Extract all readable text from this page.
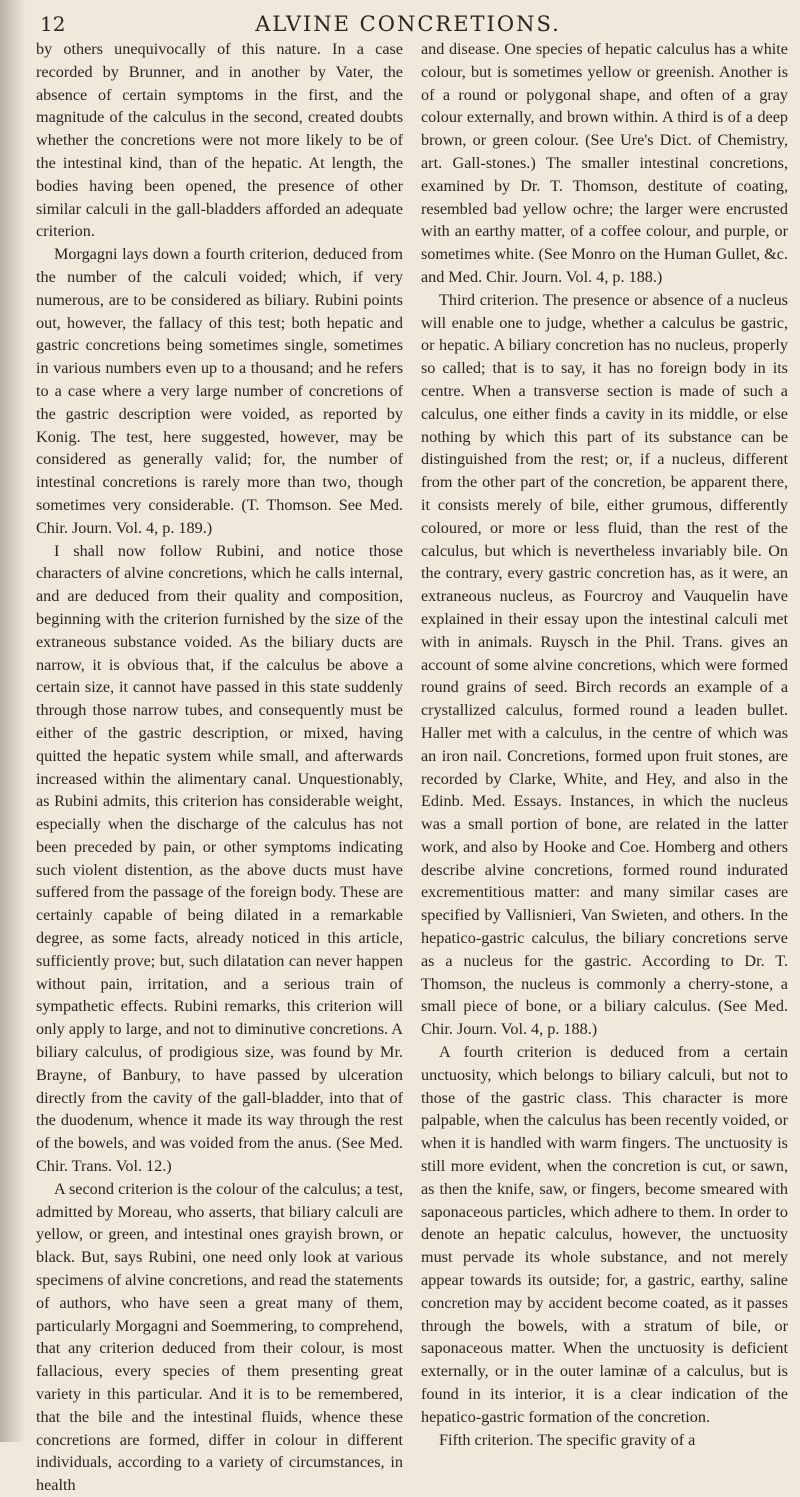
12	ALVINE CONCRETIONS.

by others unequivocally of this nature. In a case recorded by Brunner, and in another by Vater, the absence of certain symptoms in the first, and the magnitude of the calculus in the second, created doubts whether the concretions were not more likely to be of the intestinal kind, than of the hepatic. At length, the bodies having been opened, the presence of other similar calculi in the gall-bladders afforded an adequate criterion.

Morgagni lays down a fourth criterion, deduced from the number of the calculi voided; which, if very numerous, are to be considered as biliary. Rubini points out, however, the fallacy of this test; both hepatic and gastric concretions being sometimes single, sometimes in various numbers even up to a thousand; and he refers to a case where a very large number of concretions of the gastric description were voided, as reported by Konig. The test, here suggested, however, may be considered as generally valid; for, the number of intestinal concretions is rarely more than two, though sometimes very considerable. (T. Thomson. See Med. Chir. Journ. Vol. 4, p. 189.)

I shall now follow Rubini, and notice those characters of alvine concretions, which he calls internal, and are deduced from their quality and composition, beginning with the criterion furnished by the size of the extraneous substance voided. As the biliary ducts are narrow, it is obvious that, if the calculus be above a certain size, it cannot have passed in this state suddenly through those narrow tubes, and consequently must be either of the gastric description, or mixed, having quitted the hepatic system while small, and afterwards increased within the alimentary canal. Unquestionably, as Rubini admits, this criterion has considerable weight, especially when the discharge of the calculus has not been preceded by pain, or other symptoms indicating such violent distention, as the above ducts must have suffered from the passage of the foreign body. These are certainly capable of being dilated in a remarkable degree, as some facts, already noticed in this article, sufficiently prove; but, such dilatation can never happen without pain, irritation, and a serious train of sympathetic effects. Rubini remarks, this criterion will only apply to large, and not to diminutive concretions. A biliary calculus, of prodigious size, was found by Mr. Brayne, of Banbury, to have passed by ulceration directly from the cavity of the gall-bladder, into that of the duodenum, whence it made its way through the rest of the bowels, and was voided from the anus. (See Med. Chir. Trans. Vol. 12.)

A second criterion is the colour of the calculus; a test, admitted by Moreau, who asserts, that biliary calculi are yellow, or green, and intestinal ones grayish brown, or black. But, says Rubini, one need only look at various specimens of alvine concretions, and read the statements of authors, who have seen a great many of them, particularly Morgagni and Soemmering, to comprehend, that any criterion deduced from their colour, is most fallacious, every species of them presenting great variety in this particular. And it is to be remembered, that the bile and the intestinal fluids, whence these concretions are formed, differ in colour in different individuals, according to a variety of circumstances, in health

and disease. One species of hepatic calculus has a white colour, but is sometimes yellow or greenish. Another is of a round or polygonal shape, and often of a gray colour externally, and brown within. A third is of a deep brown, or green colour. (See Ure's Dict. of Chemistry, art. Gall-stones.) The smaller intestinal concretions, examined by Dr. T. Thomson, destitute of coating, resembled bad yellow ochre; the larger were encrusted with an earthy matter, of a coffee colour, and purple, or sometimes white. (See Monro on the Human Gullet, &c. and Med. Chir. Journ. Vol. 4, p. 188.)

Third criterion. The presence or absence of a nucleus will enable one to judge, whether a calculus be gastric, or hepatic. A biliary concretion has no nucleus, properly so called; that is to say, it has no foreign body in its centre. When a transverse section is made of such a calculus, one either finds a cavity in its middle, or else nothing by which this part of its substance can be distinguished from the rest; or, if a nucleus, different from the other part of the concretion, be apparent there, it consists merely of bile, either grumous, differently coloured, or more or less fluid, than the rest of the calculus, but which is nevertheless invariably bile. On the contrary, every gastric concretion has, as it were, an extraneous nucleus, as Fourcroy and Vauquelin have explained in their essay upon the intestinal calculi met with in animals. Ruysch in the Phil. Trans. gives an account of some alvine concretions, which were formed round grains of seed. Birch records an example of a crystallized calculus, formed round a leaden bullet. Haller met with a calculus, in the centre of which was an iron nail. Concretions, formed upon fruit stones, are recorded by Clarke, White, and Hey, and also in the Edinb. Med. Essays. Instances, in which the nucleus was a small portion of bone, are related in the latter work, and also by Hooke and Coe. Homberg and others describe alvine concretions, formed round indurated excrementitious matter: and many similar cases are specified by Vallisnieri, Van Swieten, and others. In the hepatico-gastric calculus, the biliary concretions serve as a nucleus for the gastric. According to Dr. T. Thomson, the nucleus is commonly a cherry-stone, a small piece of bone, or a biliary calculus. (See Med. Chir. Journ. Vol. 4, p. 188.)

A fourth criterion is deduced from a certain unctuosity, which belongs to biliary calculi, but not to those of the gastric class. This character is more palpable, when the calculus has been recently voided, or when it is handled with warm fingers. The unctuosity is still more evident, when the concretion is cut, or sawn, as then the knife, saw, or fingers, become smeared with saponaceous particles, which adhere to them. In order to denote an hepatic calculus, however, the unctuosity must pervade its whole substance, and not merely appear towards its outside; for, a gastric, earthy, saline concretion may by accident become coated, as it passes through the bowels, with a stratum of bile, or saponaceous matter. When the unctuosity is deficient externally, or in the outer laminæ of a calculus, but is found in its interior, it is a clear indication of the hepatico-gastric formation of the concretion.

Fifth criterion. The specific gravity of a
